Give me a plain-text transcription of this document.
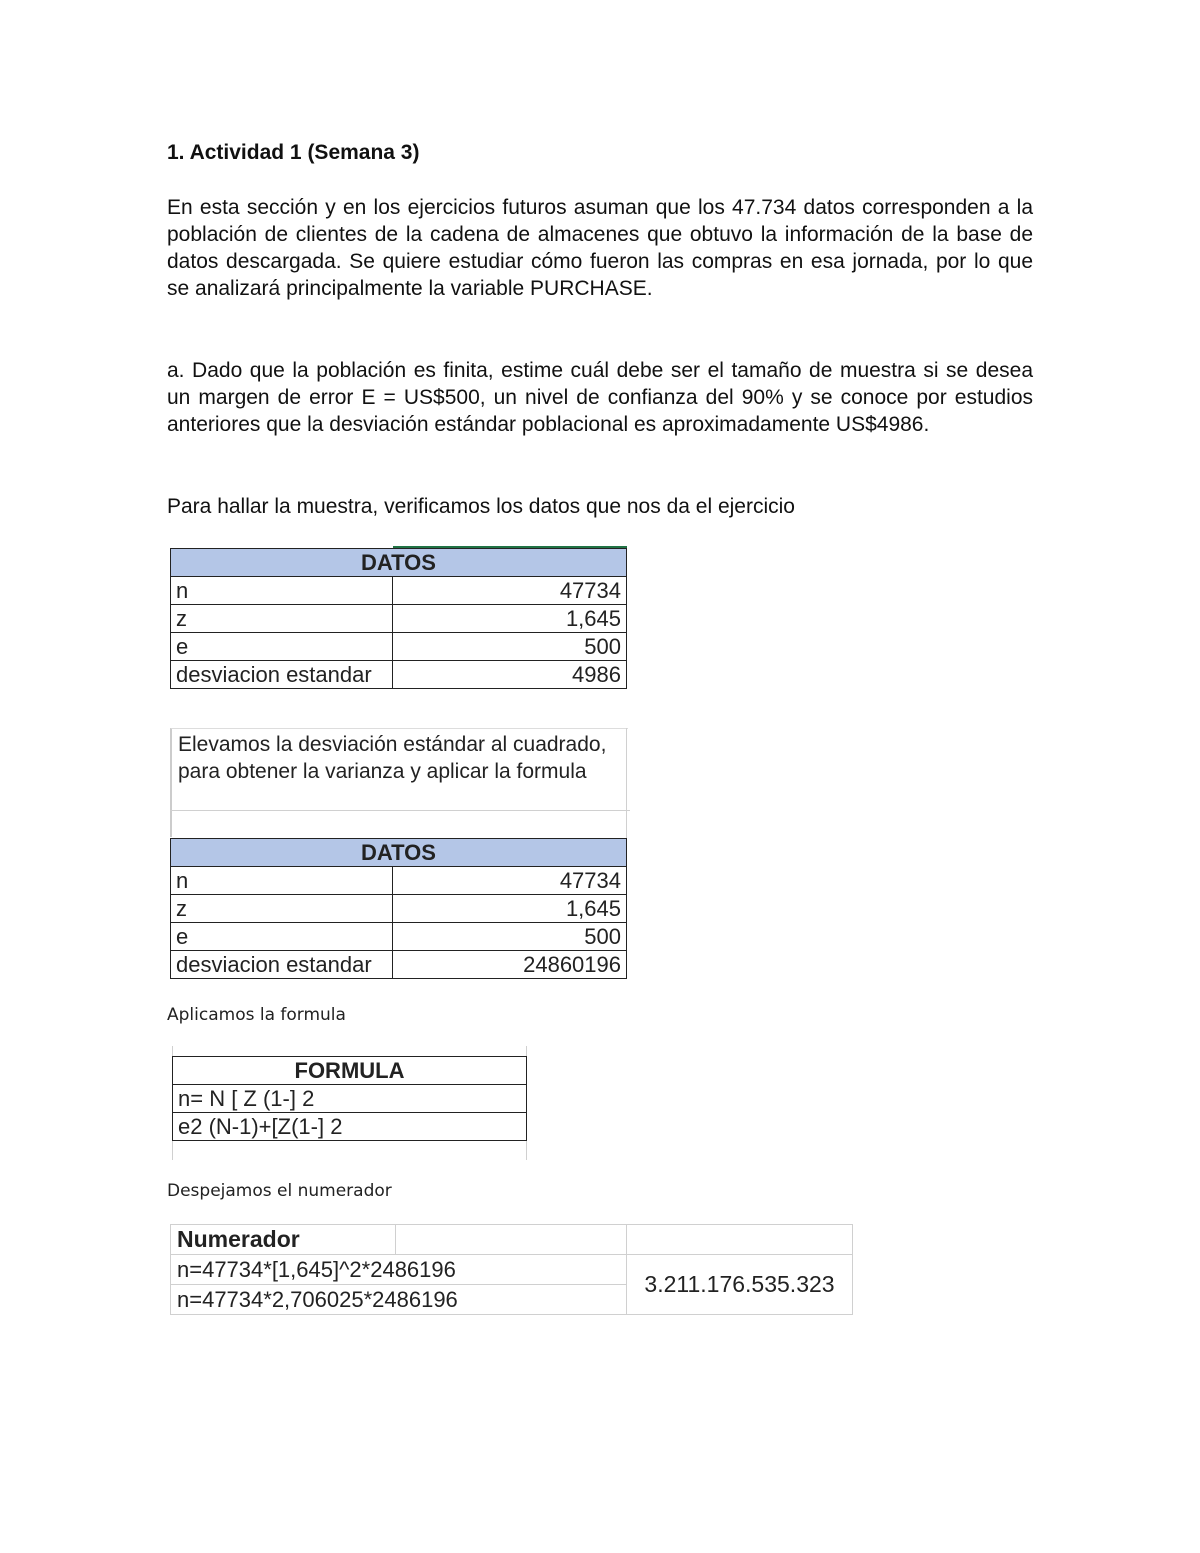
1. Actividad 1 (Semana 3)

En esta sección y en los ejercicios futuros asuman que los 47.734 datos corresponden a la población de clientes de la cadena de almacenes que obtuvo la información de la base de datos descargada. Se quiere estudiar cómo fueron las compras en esa jornada, por lo que se analizará principalmente la variable PURCHASE.

a. Dado que la población es finita, estime cuál debe ser el tamaño de muestra si se desea un margen de error E = US$500, un nivel de confianza del 90% y se conoce por estudios anteriores que la desviación estándar poblacional es aproximadamente US$4986.

Para hallar la muestra, verificamos los datos que nos da el ejercicio

DATOS	
n	47734
z	1,645
e	500
desviacion estandar	4986
Elevamos la desviación estándar al cuadrado, para obtener la varianza y aplicar la formula
DATOS	
n	47734
z	1,645
e	500
desviacion estandar	24860196
Aplicamos la formula
FORMULA
n= N [ Z (1-] 2
e2 (N-1)+[Z(1-] 2
Despejamos el numerador
Numerador		
n=47734*[1,645]^2*2486196		3.211.176.535.323
n=47734*2,706025*2486196		
